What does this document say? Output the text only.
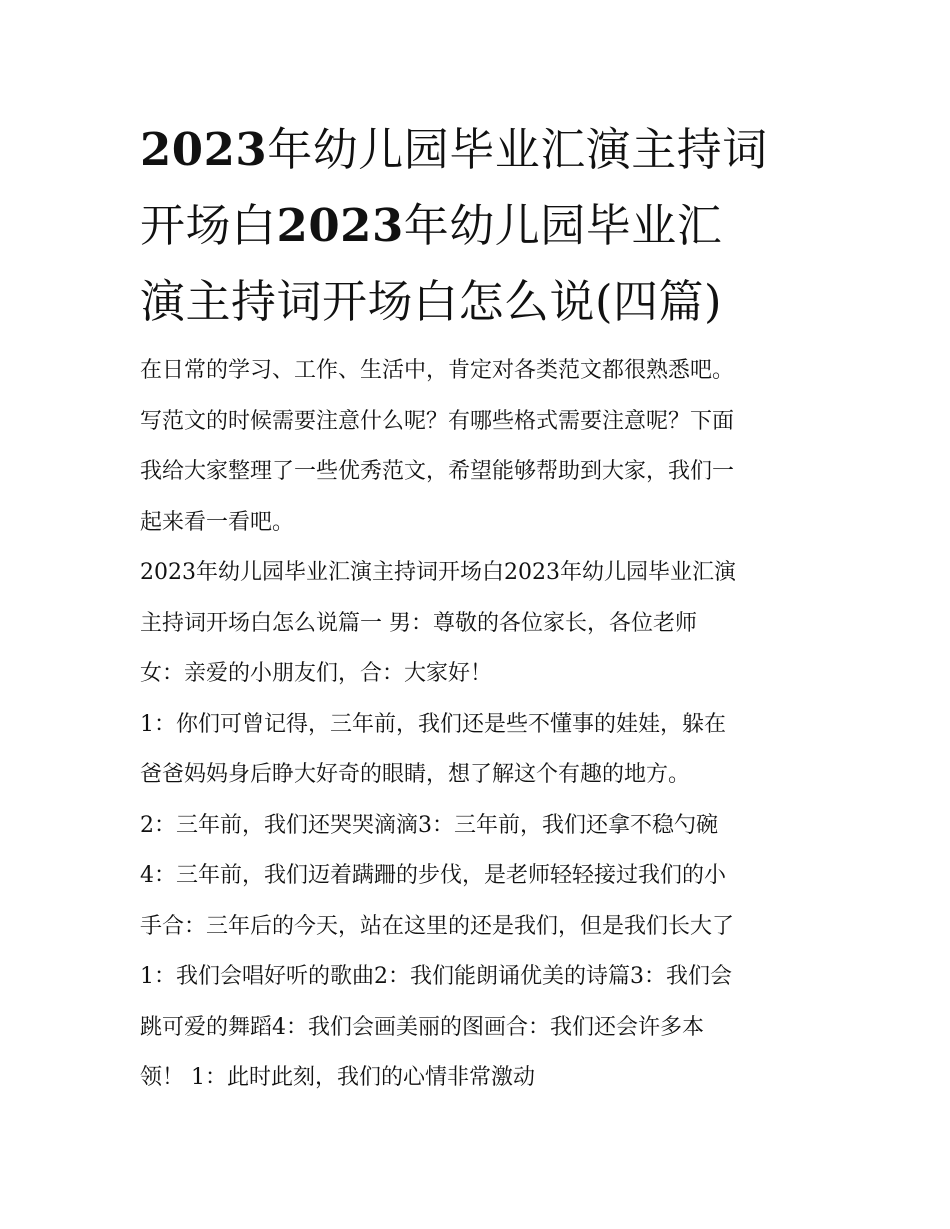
2023年幼儿园毕业汇演主持词
开场白2023年幼儿园毕业汇
演主持词开场白怎么说(四篇)

在日常的学习、工作、生活中，肯定对各类范文都很熟悉吧。

写范文的时候需要注意什么呢？有哪些格式需要注意呢？下面

我给大家整理了一些优秀范文，希望能够帮助到大家，我们一

起来看一看吧。

2023年幼儿园毕业汇演主持词开场白2023年幼儿园毕业汇演

主持词开场白怎么说篇一 男：尊敬的各位家长，各位老师

女：亲爱的小朋友们，合：大家好！

1：你们可曾记得，三年前，我们还是些不懂事的娃娃，躲在

爸爸妈妈身后睁大好奇的眼睛，想了解这个有趣的地方。

2：三年前，我们还哭哭滴滴3：三年前，我们还拿不稳勺碗

4：三年前，我们迈着蹒跚的步伐，是老师轻轻接过我们的小

手合：三年后的今天，站在这里的还是我们，但是我们长大了

1：我们会唱好听的歌曲2：我们能朗诵优美的诗篇3：我们会

跳可爱的舞蹈4：我们会画美丽的图画合：我们还会许多本

领！ 1：此时此刻，我们的心情非常激动
